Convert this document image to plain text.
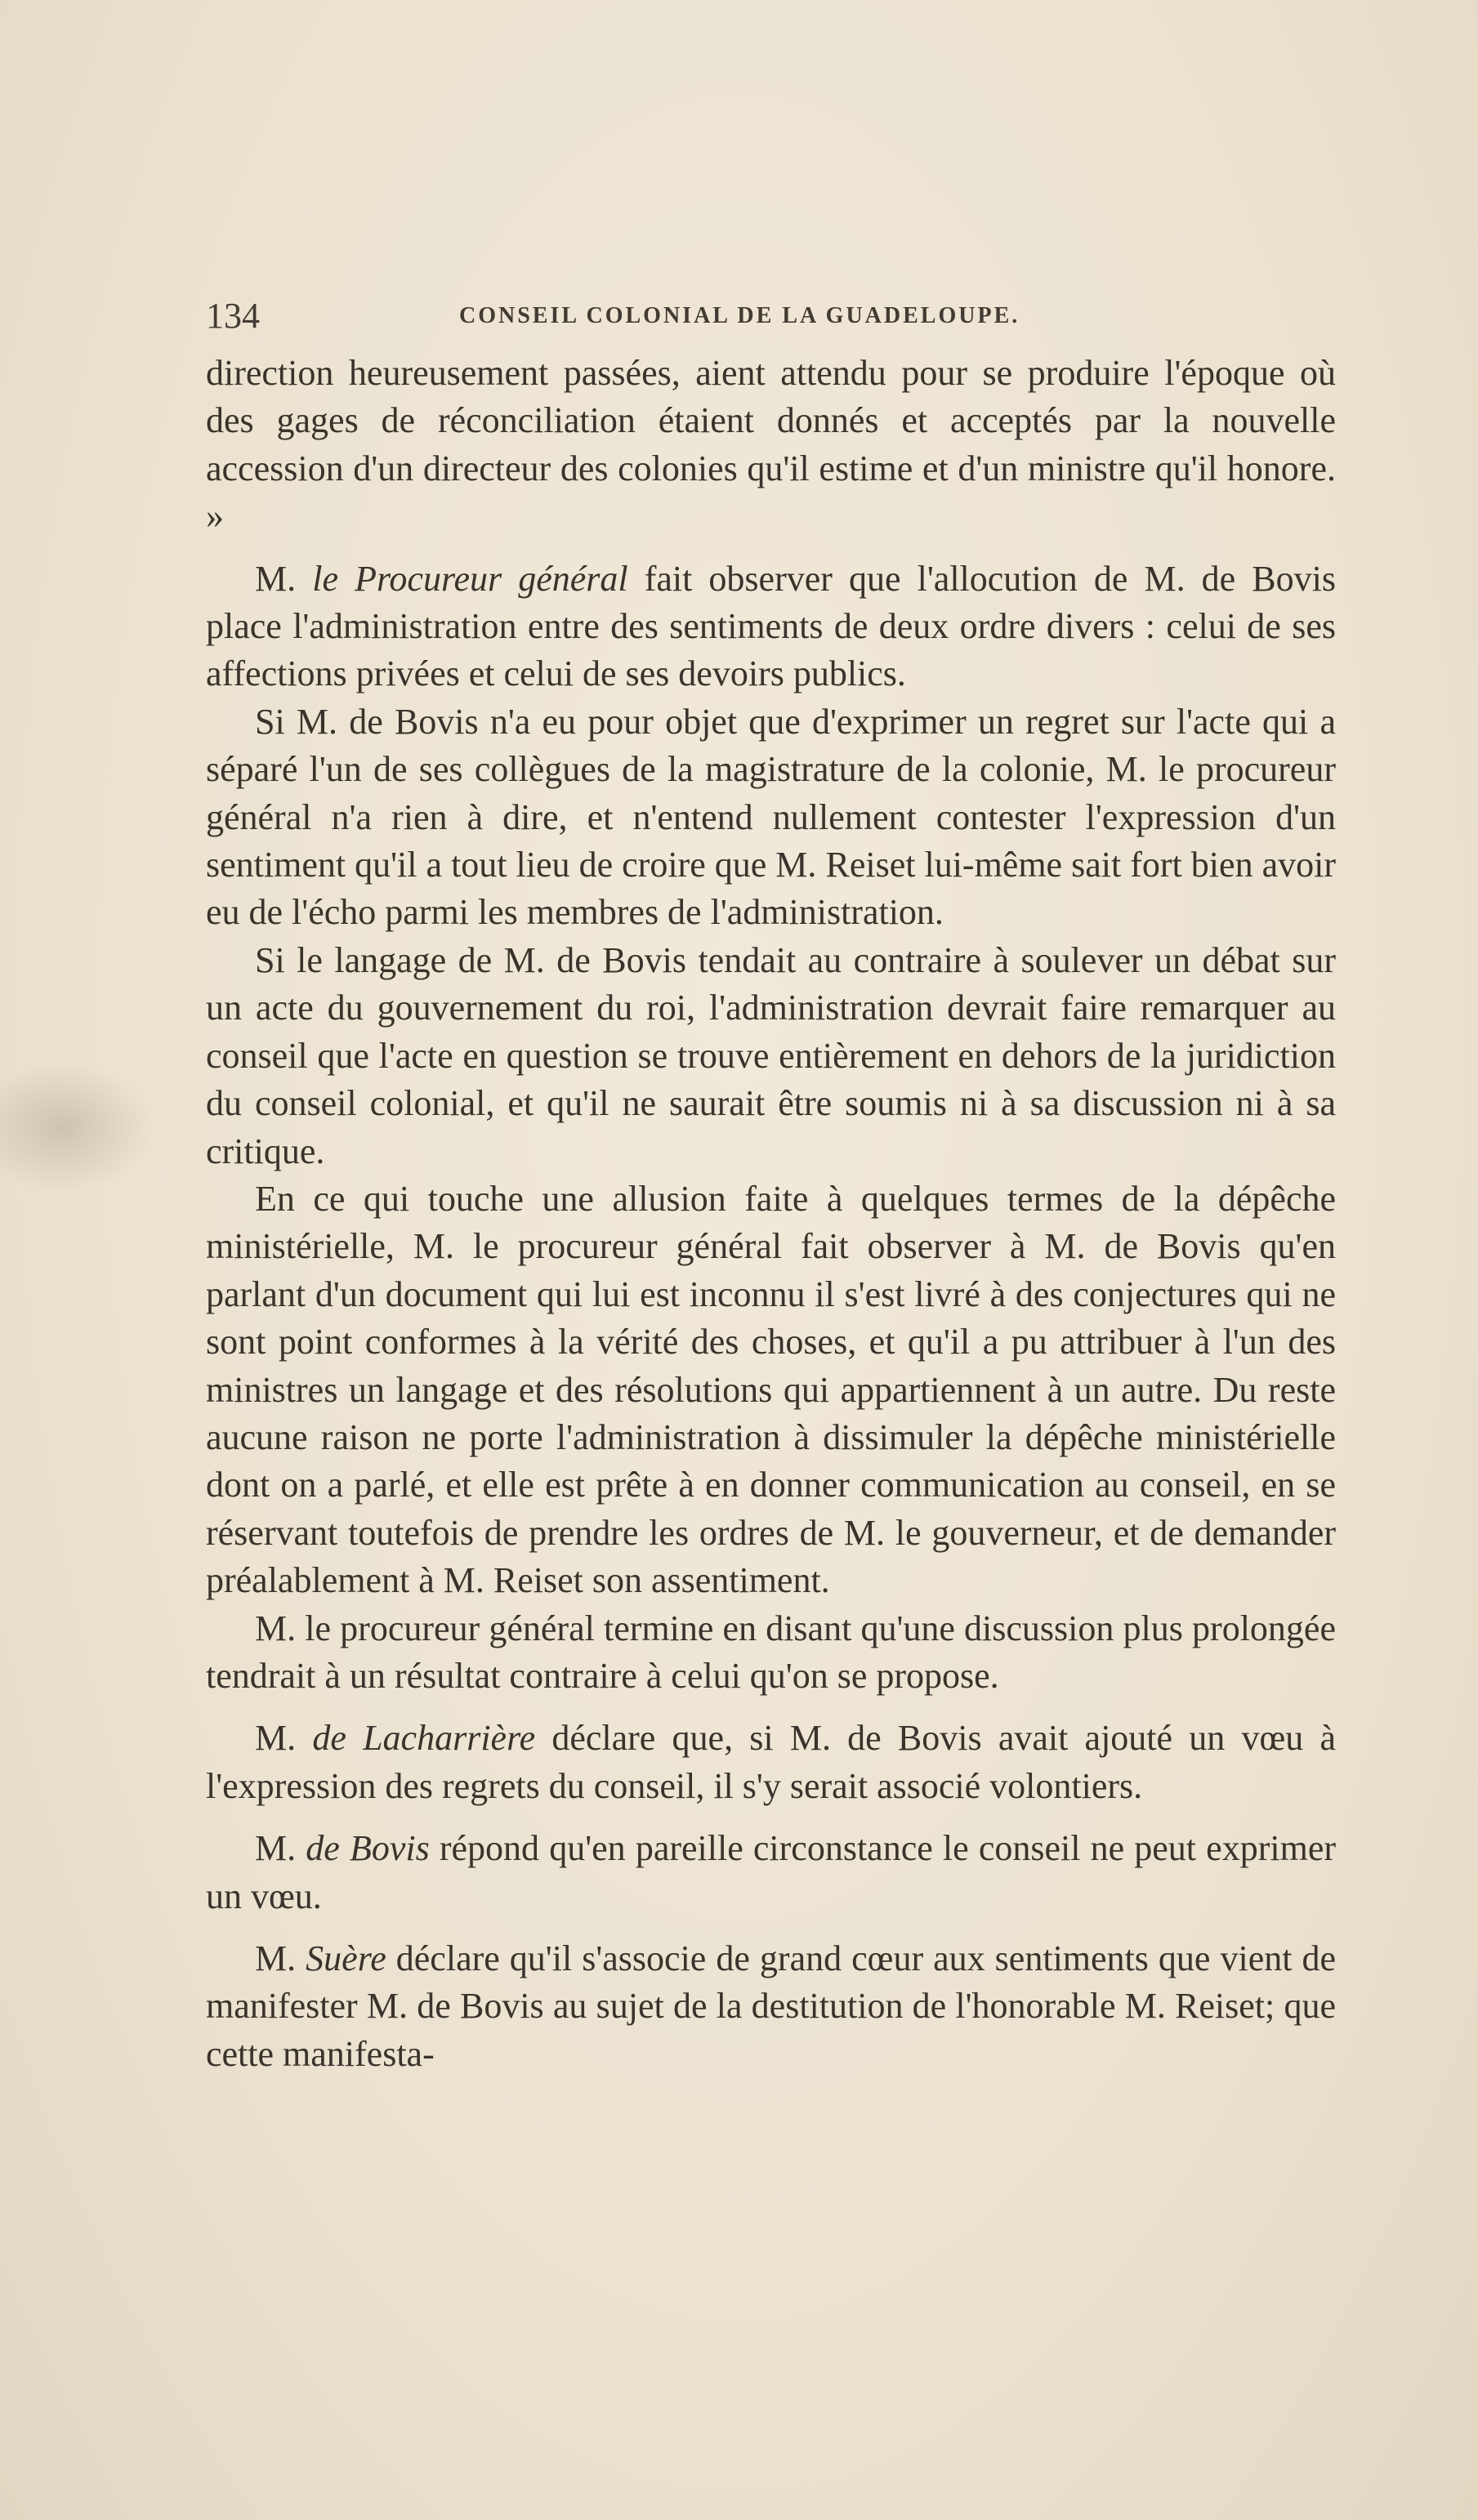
134	CONSEIL COLONIAL DE LA GUADELOUPE.

direction heureusement passées, aient attendu pour se produire l'époque où des gages de réconciliation étaient donnés et acceptés par la nouvelle accession d'un directeur des colonies qu'il estime et d'un ministre qu'il honore. »

M. le Procureur général fait observer que l'allocution de M. de Bovis place l'administration entre des sentiments de deux ordre divers : celui de ses affections privées et celui de ses devoirs publics.

Si M. de Bovis n'a eu pour objet que d'exprimer un regret sur l'acte qui a séparé l'un de ses collègues de la magistrature de la colonie, M. le procureur général n'a rien à dire, et n'entend nullement contester l'expression d'un sentiment qu'il a tout lieu de croire que M. Reiset lui-même sait fort bien avoir eu de l'écho parmi les membres de l'administration.

Si le langage de M. de Bovis tendait au contraire à soulever un débat sur un acte du gouvernement du roi, l'administration devrait faire remarquer au conseil que l'acte en question se trouve entièrement en dehors de la juridiction du conseil colonial, et qu'il ne saurait être soumis ni à sa discussion ni à sa critique.

En ce qui touche une allusion faite à quelques termes de la dépêche ministérielle, M. le procureur général fait observer à M. de Bovis qu'en parlant d'un document qui lui est inconnu il s'est livré à des conjectures qui ne sont point conformes à la vérité des choses, et qu'il a pu attribuer à l'un des ministres un langage et des résolutions qui appartiennent à un autre. Du reste aucune raison ne porte l'administration à dissimuler la dépêche ministérielle dont on a parlé, et elle est prête à en donner communication au conseil, en se réservant toutefois de prendre les ordres de M. le gouverneur, et de demander préalablement à M. Reiset son assentiment.

M. le procureur général termine en disant qu'une discussion plus prolongée tendrait à un résultat contraire à celui qu'on se propose.

M. de Lacharrière déclare que, si M. de Bovis avait ajouté un vœu à l'expression des regrets du conseil, il s'y serait associé volontiers.

M. de Bovis répond qu'en pareille circonstance le conseil ne peut exprimer un vœu.

M. Suère déclare qu'il s'associe de grand cœur aux sentiments que vient de manifester M. de Bovis au sujet de la destitution de l'honorable M. Reiset; que cette manifesta-
